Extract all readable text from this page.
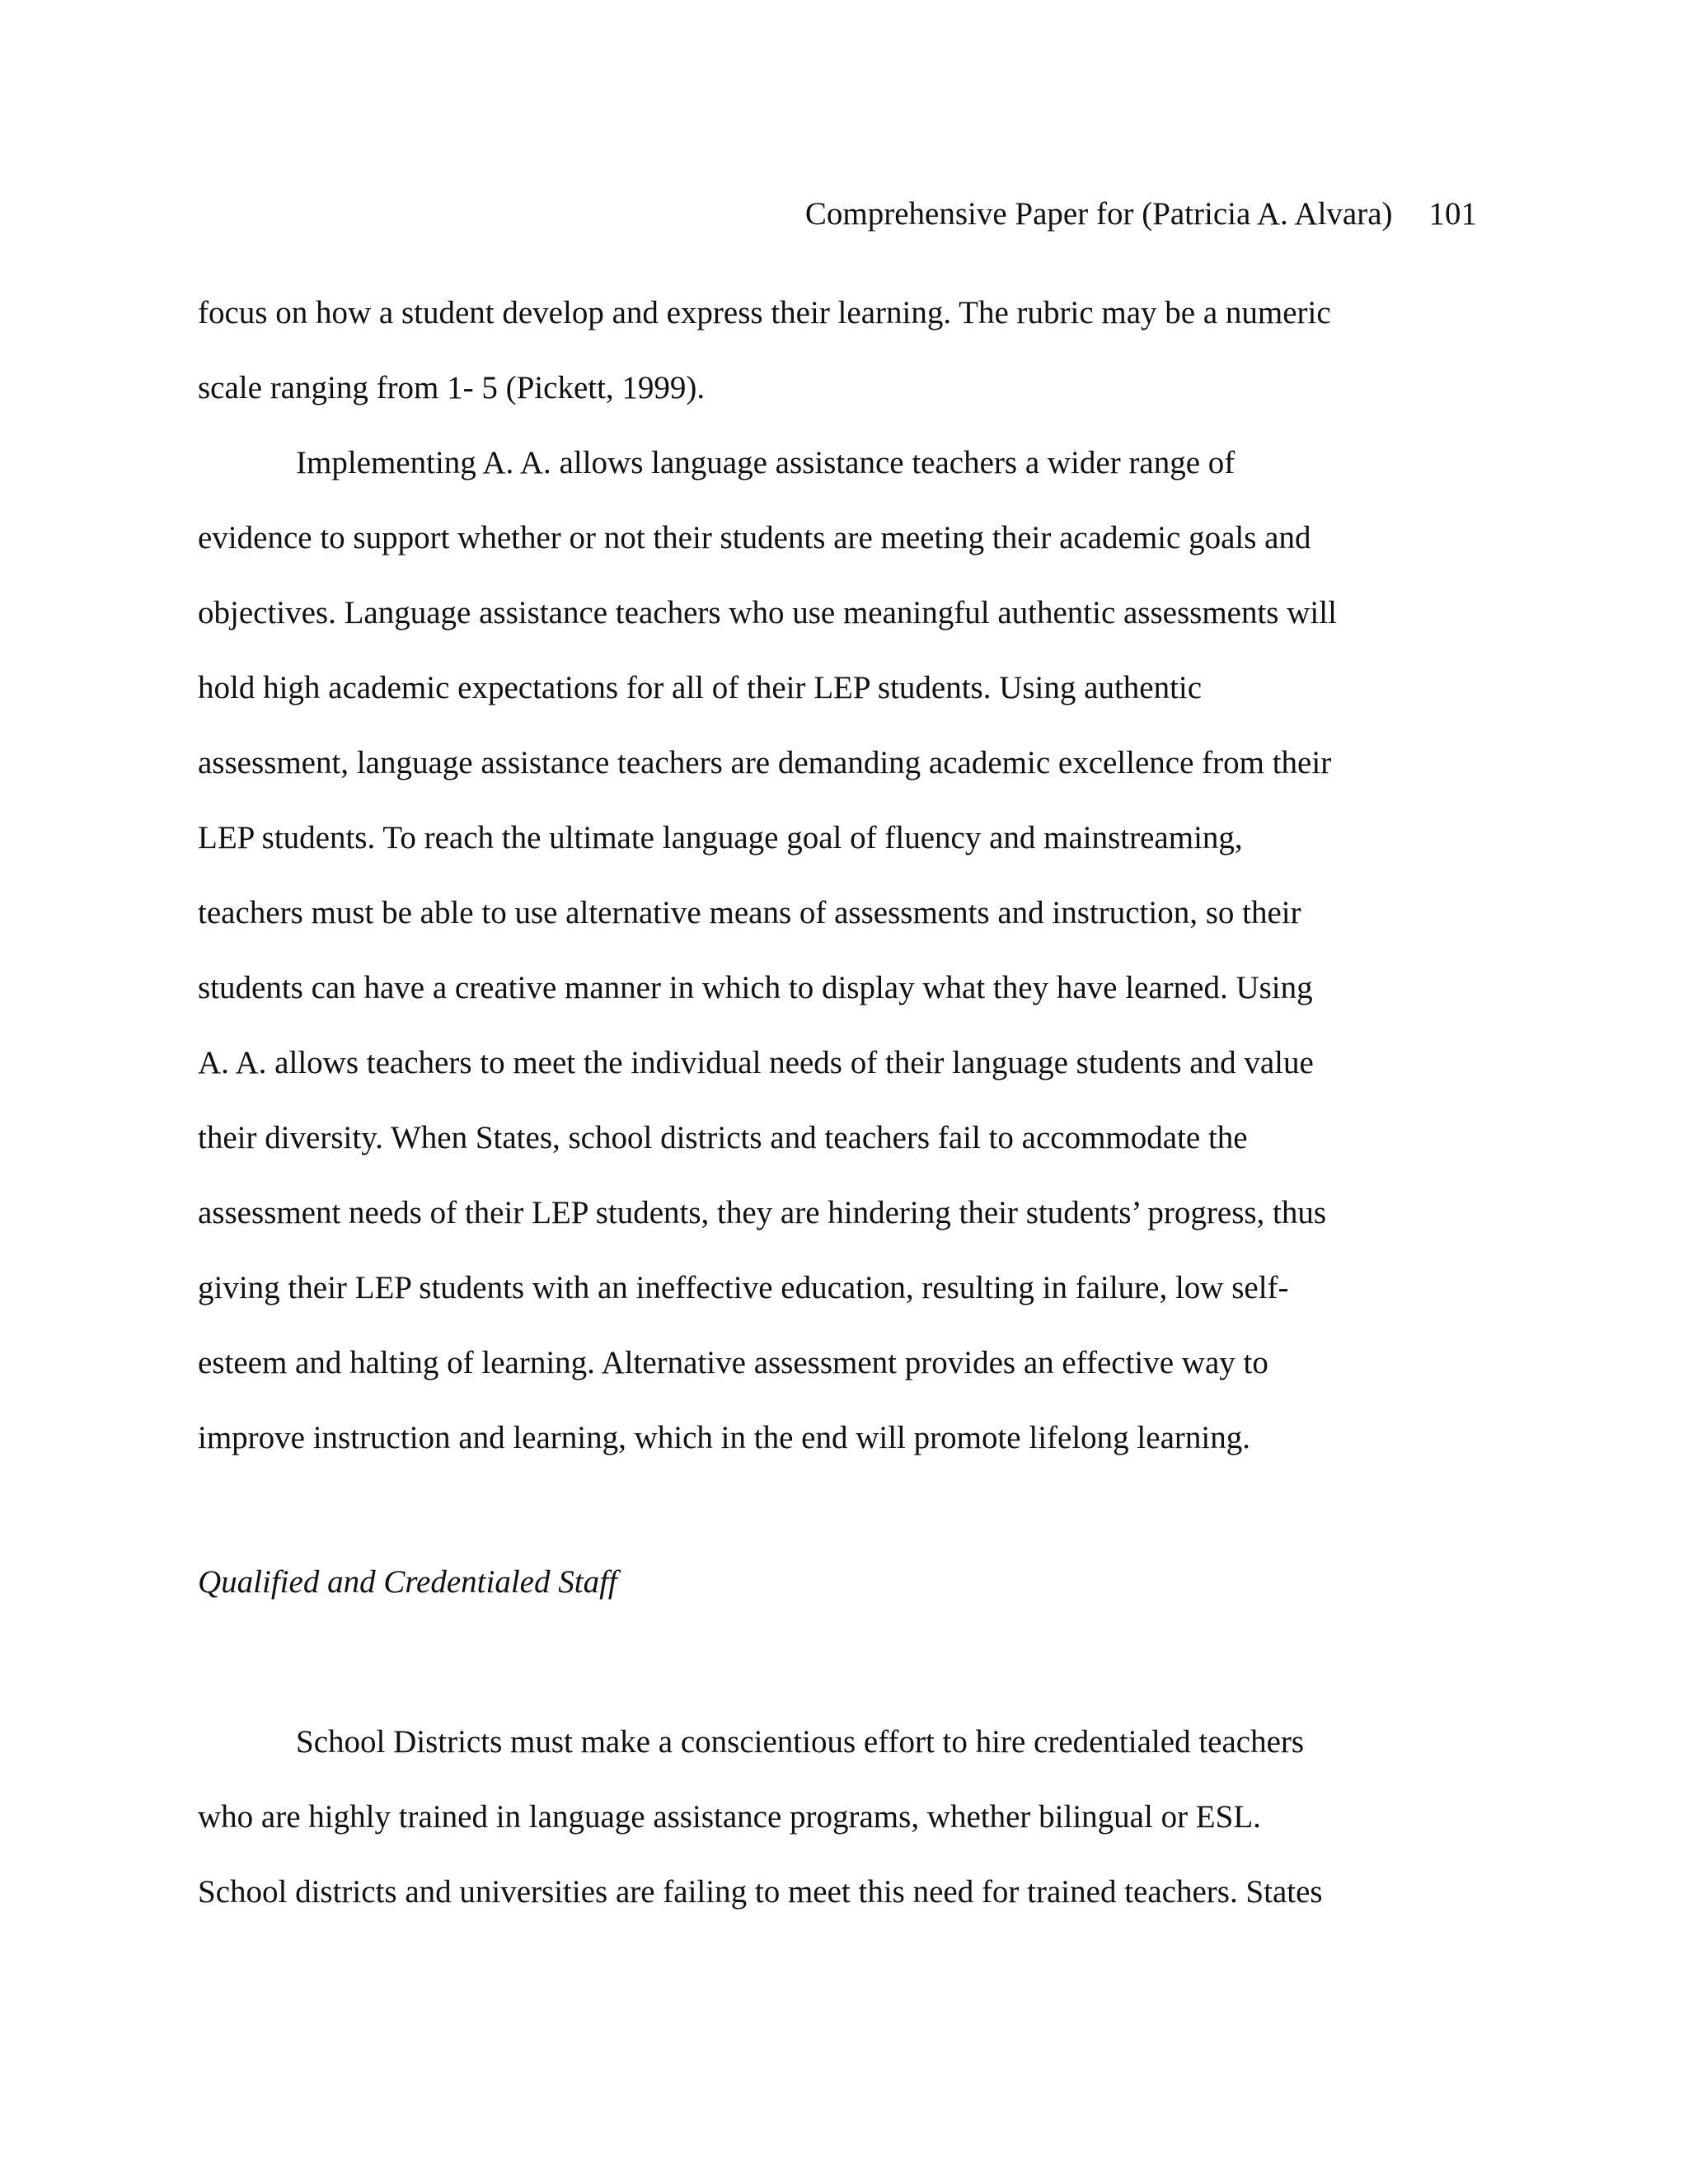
Comprehensive Paper for (Patricia A. Alvara) 101
focus on how a student develop and express their learning. The rubric may be a numeric
scale ranging from 1- 5 (Pickett, 1999).
Implementing A. A. allows language assistance teachers a wider range of
evidence to support whether or not their students are meeting their academic goals and
objectives. Language assistance teachers who use meaningful authentic assessments will
hold high academic expectations for all of their LEP students. Using authentic
assessment, language assistance teachers are demanding academic excellence from their
LEP students. To reach the ultimate language goal of fluency and mainstreaming,
teachers must be able to use alternative means of assessments and instruction, so their
students can have a creative manner in which to display what they have learned. Using
A. A. allows teachers to meet the individual needs of their language students and value
their diversity. When States, school districts and teachers fail to accommodate the
assessment needs of their LEP students, they are hindering their students’ progress, thus
giving their LEP students with an ineffective education, resulting in failure, low self-
esteem and halting of learning. Alternative assessment provides an effective way to
improve instruction and learning, which in the end will promote lifelong learning.
Qualified and Credentialed Staff
School Districts must make a conscientious effort to hire credentialed teachers
who are highly trained in language assistance programs, whether bilingual or ESL.
School districts and universities are failing to meet this need for trained teachers. States
